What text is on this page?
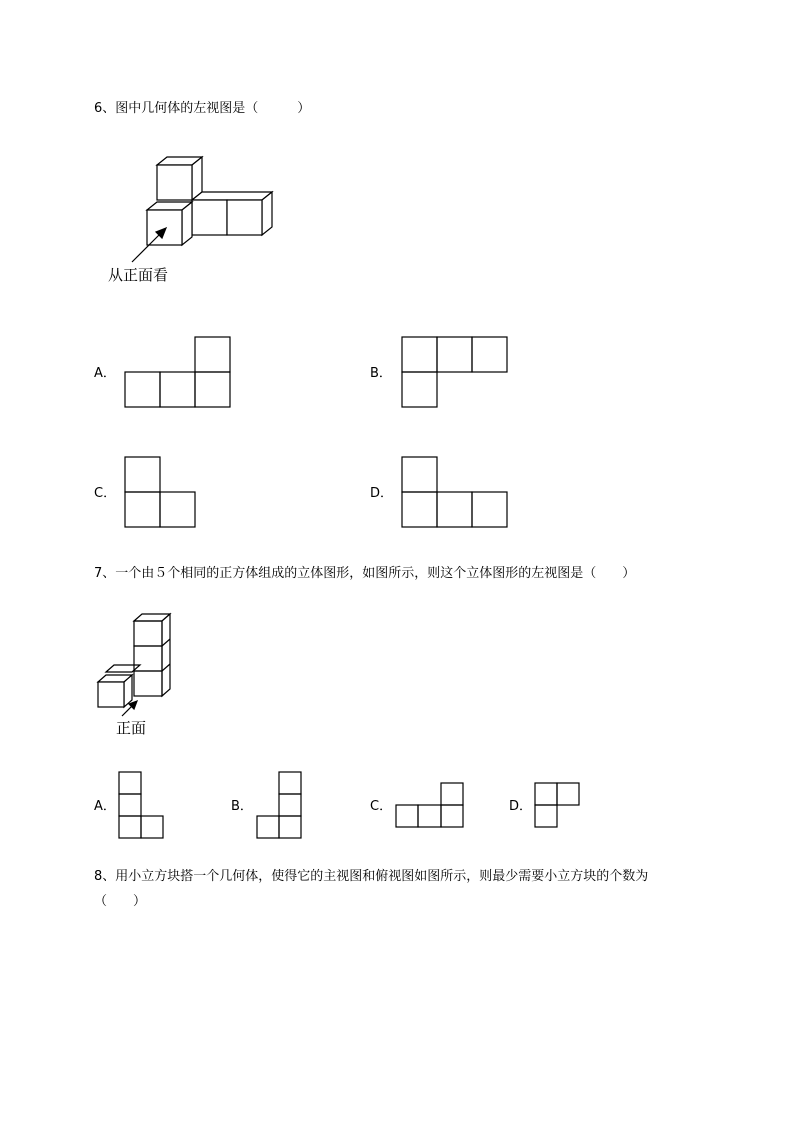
6、图中几何体的左视图是（　　　）
从正面看
A．	B．
C．	D．
7、一个由５个相同的正方体组成的立体图形，如图所示，则这个立体图形的左视图是（　　）
正面
A．	B．	C．	D．
8、用小立方块搭一个几何体，使得它的主视图和俯视图如图所示，则最少需要小立方块的个数为
（　　）
